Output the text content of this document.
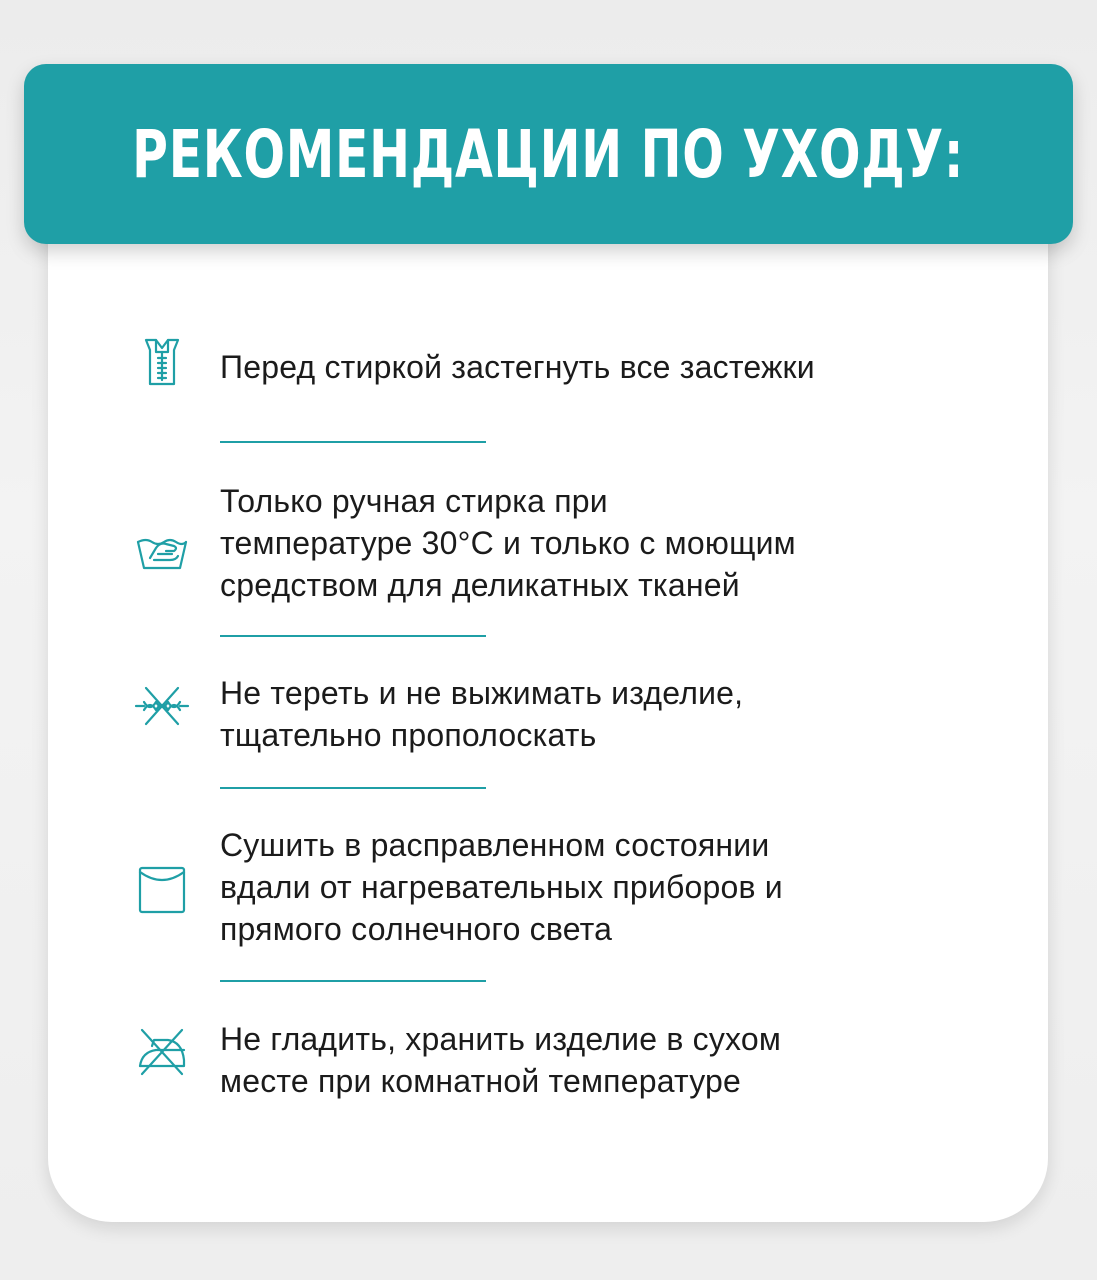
Перед стиркой застегнуть все застежки
Только ручная стирка при
температуре 30°С и только с моющим
средством для деликатных тканей
Не тереть и не выжимать изделие,
тщательно прополоскать
Сушить в расправленном состоянии
вдали от нагревательных приборов и
прямого солнечного света
Не гладить, хранить изделие в сухом
месте при комнатной температуре
РЕКОМЕНДАЦИИ ПО УХОДУ:
